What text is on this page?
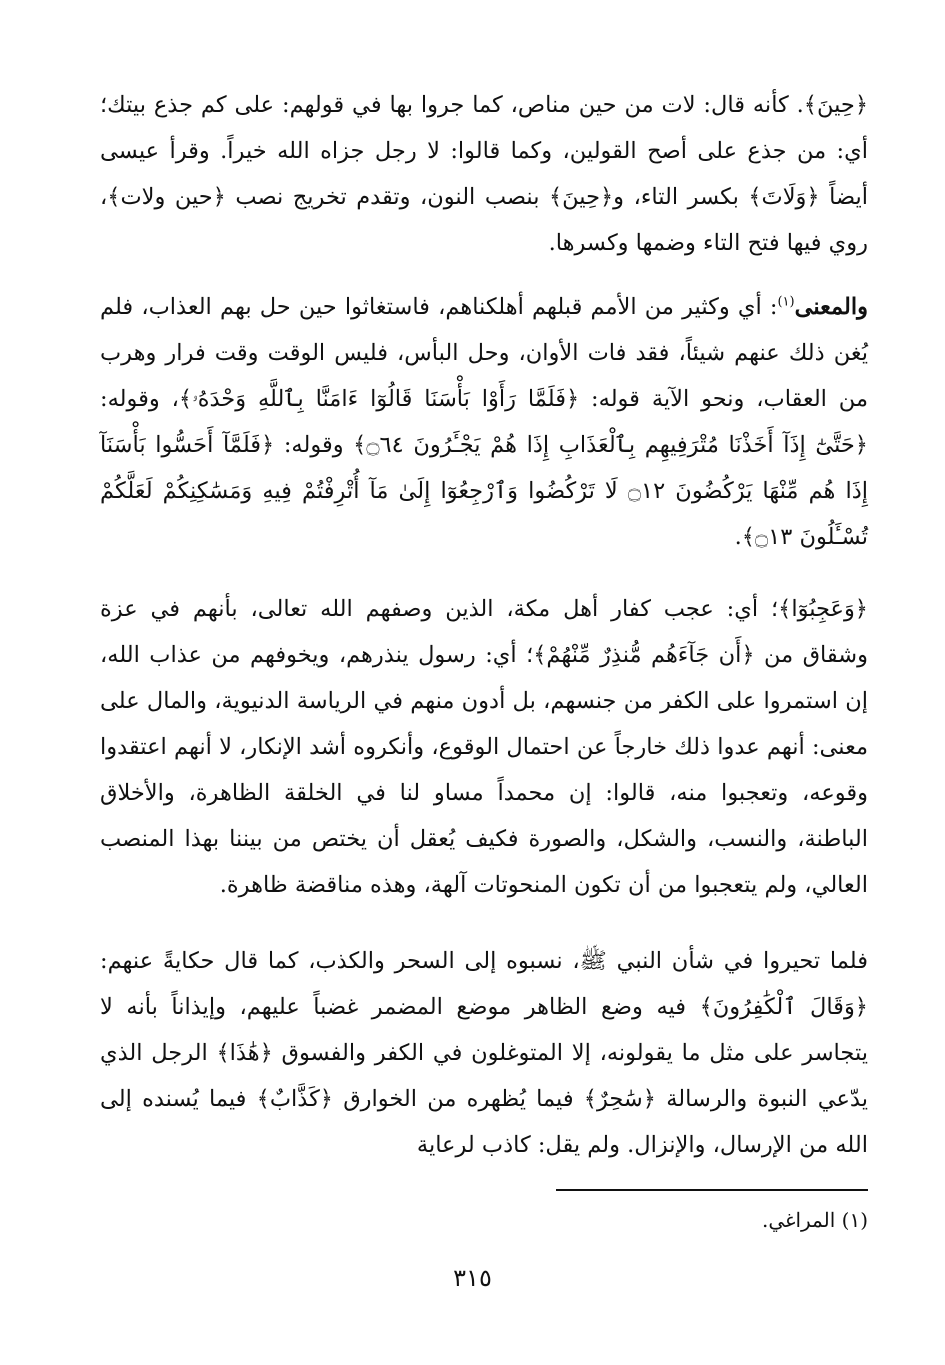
﴿حِينَ﴾. كأنه قال: لات من حين مناص، كما جروا بها في قولهم: على كم جذع بيتك؛ أي: من جذع على أصح القولين، وكما قالوا: لا رجل جزاه الله خيراً. وقرأ عيسى أيضاً ﴿وَلَاتَ﴾ بكسر التاء، و﴿حِينَ﴾ بنصب النون، وتقدم تخريج نصب ﴿حين ولات﴾، روي فيها فتح التاء وضمها وكسرها.

والمعنى$^{(١)}$: أي وكثير من الأمم قبلهم أهلكناهم، فاستغاثوا حين حل بهم العذاب، فلم يُغن ذلك عنهم شيئاً، فقد فات الأوان، وحل البأس، فليس الوقت وقت فرار وهرب من العقاب، ونحو الآية قوله: ﴿فَلَمَّا رَأَوْا بَأْسَنَا قَالُوٓا ءَامَنَّا بِٱللَّهِ وَحْدَهُۥ﴾، وقوله: ﴿حَتَّىٰٓ إِذَآ أَخَذْنَا مُتْرَفِيهِم بِٱلْعَذَابِ إِذَا هُمْ يَجْـَٔرُونَ ۝٦٤﴾ وقوله: ﴿فَلَمَّآ أَحَسُّوا بَأْسَنَآ إِذَا هُم مِّنْهَا يَرْكُضُونَ ۝١٢ لَا تَرْكُضُوا وَٱرْجِعُوٓا إِلَىٰ مَآ أُتْرِفْتُمْ فِيهِ وَمَسَٰكِنِكُمْ لَعَلَّكُمْ تُسْـَٔلُونَ ۝١٣﴾.

﴿وَعَجِبُوٓا﴾؛ أي: عجب كفار أهل مكة، الذين وصفهم الله تعالى، بأنهم في عزة وشقاق من ﴿أَن جَآءَهُم مُّنذِرٌ مِّنْهُمْ﴾؛ أي: رسول ينذرهم، ويخوفهم من عذاب الله، إن استمروا على الكفر من جنسهم، بل أدون منهم في الرياسة الدنيوية، والمال على معنى: أنهم عدوا ذلك خارجاً عن احتمال الوقوع، وأنكروه أشد الإنكار، لا أنهم اعتقدوا وقوعه، وتعجبوا منه، قالوا: إن محمداً مساو لنا في الخلقة الظاهرة، والأخلاق الباطنة، والنسب، والشكل، والصورة فكيف يُعقل أن يختص من بيننا بهذا المنصب العالي، ولم يتعجبوا من أن تكون المنحوتات آلهة، وهذه مناقضة ظاهرة.

فلما تحيروا في شأن النبي ﷺ، نسبوه إلى السحر والكذب، كما قال حكايةً عنهم: ﴿وَقَالَ ٱلْكَٰفِرُونَ﴾ فيه وضع الظاهر موضع المضمر غضباً عليهم، وإيذاناً بأنه لا يتجاسر على مثل ما يقولونه، إلا المتوغلون في الكفر والفسوق ﴿هَٰذَا﴾ الرجل الذي يدّعي النبوة والرسالة ﴿سَٰحِرٌ﴾ فيما يُظهره من الخوارق ﴿كَذَّابٌ﴾ فيما يُسنده إلى الله من الإرسال، والإنزال. ولم يقل: كاذب لرعاية

(١) المراغي.
٣١٥
